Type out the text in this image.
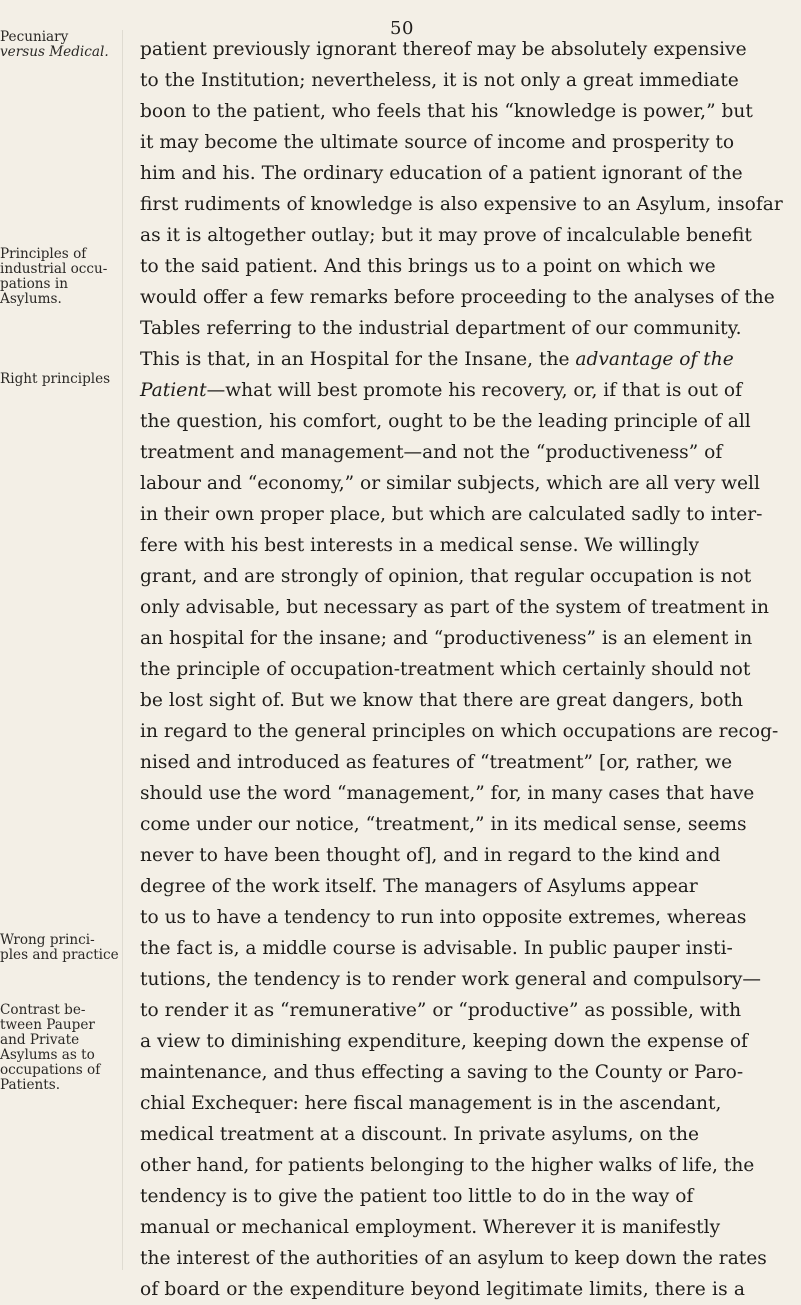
50
Pecuniary
versus Medical.
Principles of
industrial occu-
pations in
Asylums.
Right principles
Wrong princi-
ples and practice
Contrast be-
tween Pauper
and Private
Asylums as to
occupations of
Patients.
patient previously ignorant thereof may be absolutely expensive
to the Institution; nevertheless, it is not only a great immediate
boon to the patient, who feels that his “knowledge is power,” but
it may become the ultimate source of income and prosperity to
him and his. The ordinary education of a patient ignorant of the
first rudiments of knowledge is also expensive to an Asylum, insofar
as it is altogether outlay; but it may prove of incalculable benefit
to the said patient. And this brings us to a point on which we
would offer a few remarks before proceeding to the analyses of the
Tables referring to the industrial department of our community.
This is that, in an Hospital for the Insane, the advantage of the
Patient—what will best promote his recovery, or, if that is out of
the question, his comfort, ought to be the leading principle of all
treatment and management—and not the “productiveness” of
labour and “economy,” or similar subjects, which are all very well
in their own proper place, but which are calculated sadly to inter-
fere with his best interests in a medical sense. We willingly
grant, and are strongly of opinion, that regular occupation is not
only advisable, but necessary as part of the system of treatment in
an hospital for the insane; and “productiveness” is an element in
the principle of occupation-treatment which certainly should not
be lost sight of. But we know that there are great dangers, both
in regard to the general principles on which occupations are recog-
nised and introduced as features of “treatment” [or, rather, we
should use the word “management,” for, in many cases that have
come under our notice, “treatment,” in its medical sense, seems
never to have been thought of], and in regard to the kind and
degree of the work itself. The managers of Asylums appear
to us to have a tendency to run into opposite extremes, whereas
the fact is, a middle course is advisable. In public pauper insti-
tutions, the tendency is to render work general and compulsory—
to render it as “remunerative” or “productive” as possible, with
a view to diminishing expenditure, keeping down the expense of
maintenance, and thus effecting a saving to the County or Paro-
chial Exchequer: here fiscal management is in the ascendant,
medical treatment at a discount. In private asylums, on the
other hand, for patients belonging to the higher walks of life, the
tendency is to give the patient too little to do in the way of
manual or mechanical employment. Wherever it is manifestly
the interest of the authorities of an asylum to keep down the rates
of board or the expenditure beyond legitimate limits, there is a
